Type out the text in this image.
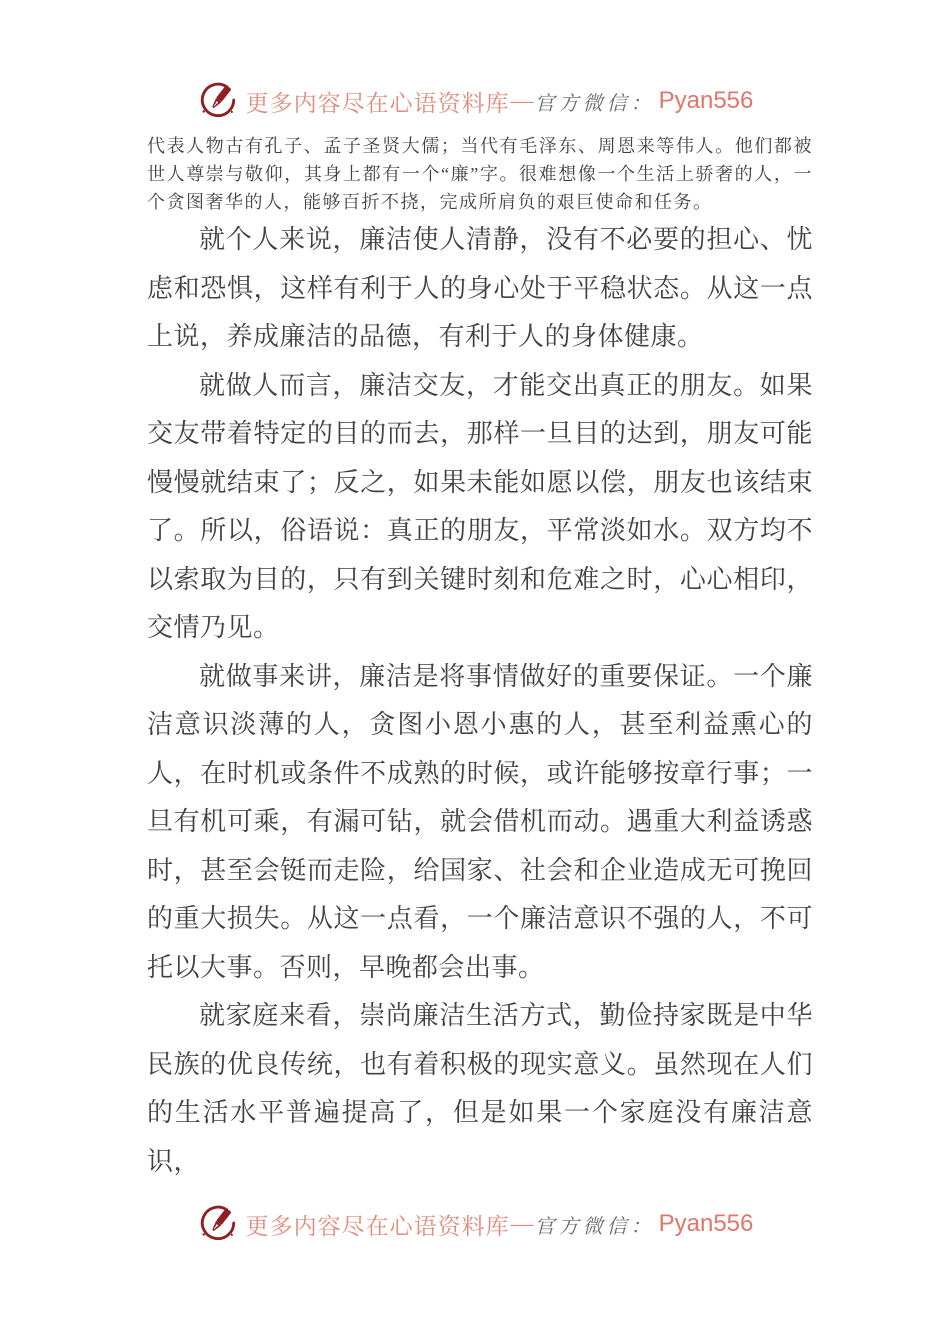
更多内容尽在心语资料库 — 官方微信： Pyan556

代表人物古有孔子、孟子圣贤大儒；当代有毛泽东、周恩来等伟人。他们都被世人尊崇与敬仰，其身上都有一个“廉”字。很难想像一个生活上骄奢的人，一个贪图奢华的人，能够百折不挠，完成所肩负的艰巨使命和任务。

就个人来说，廉洁使人清静，没有不必要的担心、忧虑和恐惧，这样有利于人的身心处于平稳状态。从这一点上说，养成廉洁的品德，有利于人的身体健康。

就做人而言，廉洁交友，才能交出真正的朋友。如果交友带着特定的目的而去，那样一旦目的达到，朋友可能慢慢就结束了；反之，如果未能如愿以偿，朋友也该结束了。所以，俗语说：真正的朋友，平常淡如水。双方均不以索取为目的，只有到关键时刻和危难之时，心心相印，交情乃见。

就做事来讲，廉洁是将事情做好的重要保证。一个廉洁意识淡薄的人，贪图小恩小惠的人，甚至利益熏心的人，在时机或条件不成熟的时候，或许能够按章行事；一旦有机可乘，有漏可钻，就会借机而动。遇重大利益诱惑时，甚至会铤而走险，给国家、社会和企业造成无可挽回的重大损失。从这一点看，一个廉洁意识不强的人，不可托以大事。否则，早晚都会出事。

就家庭来看，崇尚廉洁生活方式，勤俭持家既是中华民族的优良传统，也有着积极的现实意义。虽然现在人们的生活水平普遍提高了，但是如果一个家庭没有廉洁意识，

更多内容尽在心语资料库 — 官方微信： Pyan556
